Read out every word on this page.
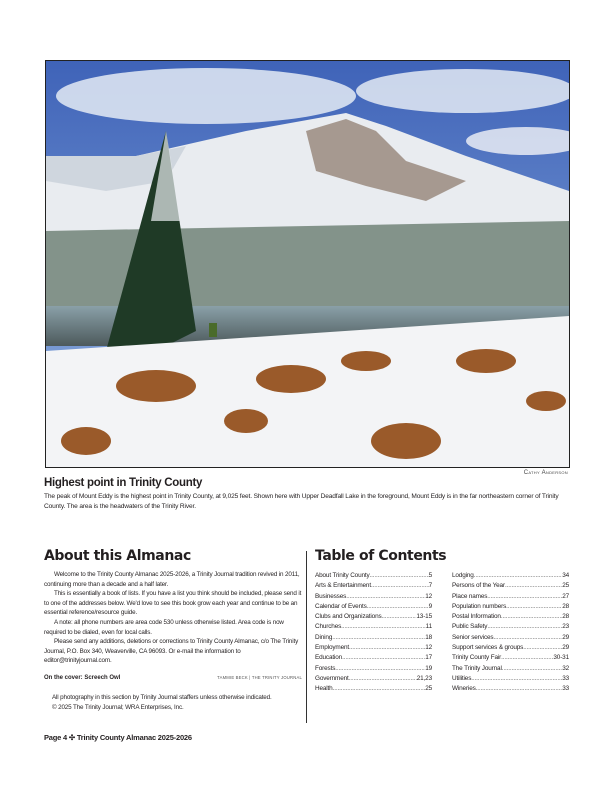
Cathy Anderson
Highest point in Trinity County
The peak of Mount Eddy is the highest point in Trinity County, at 9,025 feet. Shown here with Upper Deadfall Lake in the foreground, Mount Eddy is in the far northeastern corner of Trinity County. The area is the headwaters of the Trinity River.
About this Almanac

Welcome to the Trinity County Almanac 2025-2026, a Trinity Journal tradition revived in 2011, continuing more than a decade and a half later.

This is essentially a book of lists. If you have a list you think should be included, please send it to one of the addresses below. We'd love to see this book grow each year and continue to be an essential reference/resource guide.

A note: all phone numbers are area code 530 unless otherwise listed. Area code is now required to be dialed, even for local calls.

Please send any additions, deletions or corrections to Trinity County Almanac, c/o The Trinity Journal, P.O. Box 340, Weaverville, CA 96093. Or e-mail the information to editor@trinityjournal.com.

On the cover: Screech Owl	TAMMIE BECK | THE TRINITY JOURNAL
All photography in this section by Trinity Journal staffers unless otherwise indicated.
© 2025 The Trinity Journal; WRA Enterprises, Inc.
Table of Contents
About Trinity County .....	5
Arts & Entertainment .....	7
Businesses .....	12
Calendar of Events .....	9
Clubs and Organizations .....	13-15
Churches .....	11
Dining .....	18
Employment .....	12
Education .....	17
Forests .....	19
Government .....	21,23
Health .....	25
Lodging .....	34
Persons of the Year .....	25
Place names .....	27
Population numbers .....	28
Postal Information .....	28
Public Safety .....	23
Senior services .....	29
Support services & groups .....	29
Trinity County Fair .....	30-31
The Trinity Journal .....	32
Utilities .....	33
Wineries .....	33
Page 4 ✣ Trinity County Almanac 2025-2026
